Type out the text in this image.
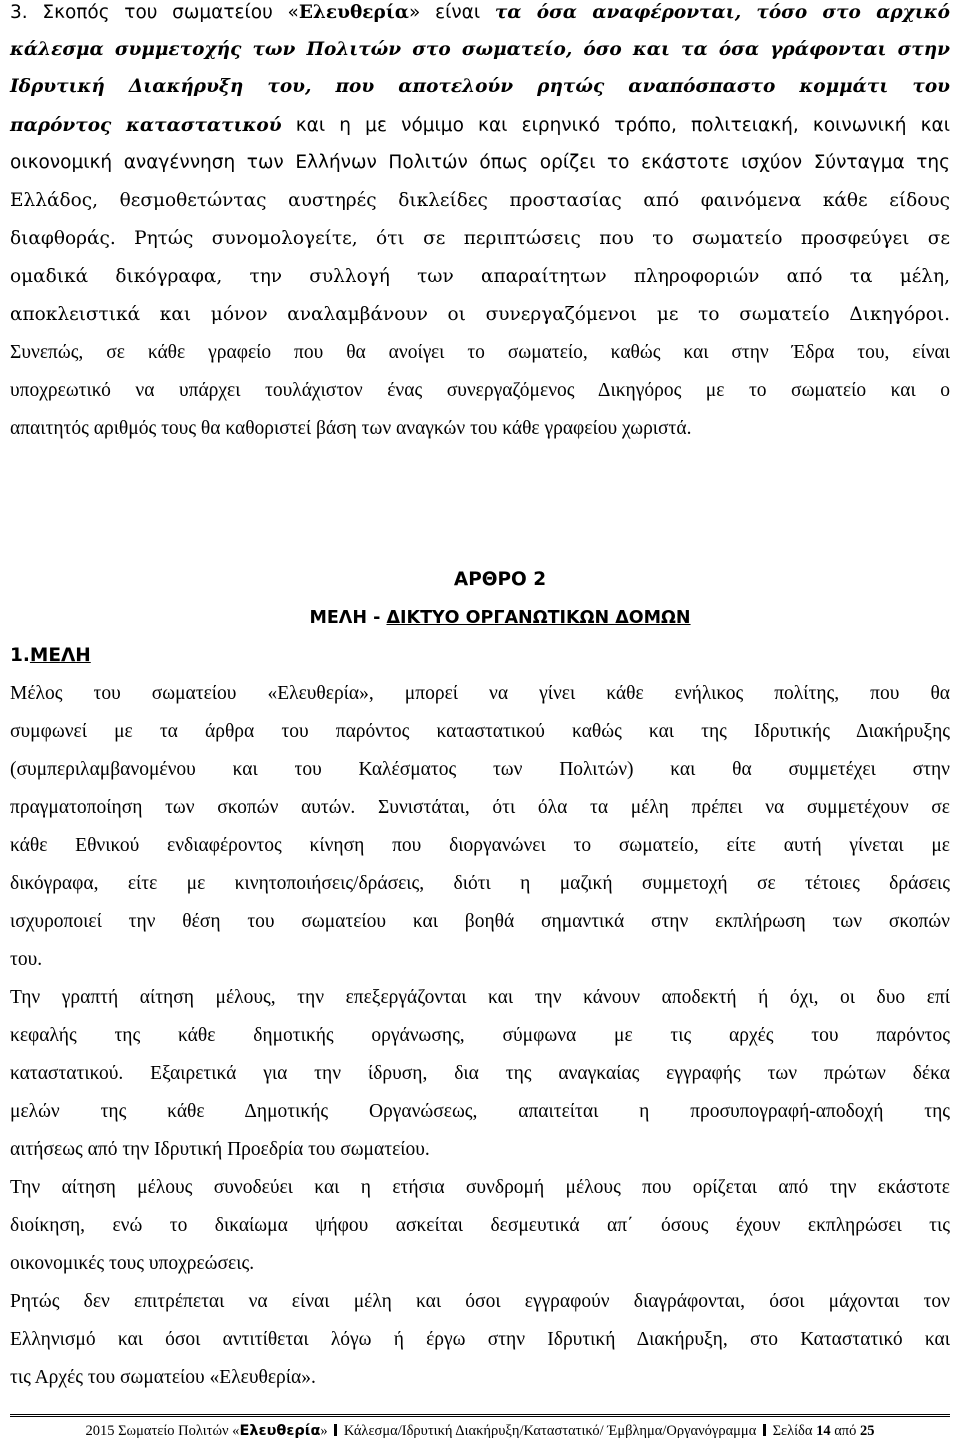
3. Σκοπός του σωματείου «Ελευθερία» είναι τα όσα αναφέρονται, τόσο στο αρχικό
κάλεσμα συμμετοχής των Πολιτών στο σωματείο, όσο και τα όσα γράφονται στην
Ιδρυτική Διακήρυξη του, που αποτελούν ρητώς αναπόσπαστο κομμάτι του
παρόντος καταστατικού και η με νόμιμο και ειρηνικό τρόπο, πολιτειακή, κοινωνική και
οικονομική αναγέννηση των Ελλήνων Πολιτών όπως ορίζει το εκάστοτε ισχύον Σύνταγμα της
Ελλάδος, θεσμοθετώντας αυστηρές δικλείδες προστασίας από φαινόμενα κάθε είδους
διαφθοράς. Ρητώς συνομολογείτε, ότι σε περιπτώσεις που το σωματείο προσφεύγει σε
ομαδικά δικόγραφα, την συλλογή των απαραίτητων πληροφοριών από τα μέλη,
αποκλειστικά και μόνον αναλαμβάνουν οι συνεργαζόμενοι με το σωματείο Δικηγόροι.
Συνεπώς, σε κάθε γραφείο που θα ανοίγει το σωματείο, καθώς και στην Έδρα του, είναι
υποχρεωτικό να υπάρχει τουλάχιστον ένας συνεργαζόμενος Δικηγόρος με το σωματείο και ο
απαιτητός αριθμός τους θα καθοριστεί βάση των αναγκών του κάθε γραφείου χωριστά.
ΑΡΘΡΟ 2
ΜΕΛΗ - ΔΙΚΤΥΟ ΟΡΓΑΝΩΤΙΚΩΝ ΔΟΜΩΝ
1.ΜΕΛΗ
Μέλος του σωματείου «Ελευθερία», μπορεί να γίνει κάθε ενήλικος πολίτης, που θα
συμφωνεί με τα άρθρα του παρόντος καταστατικού καθώς και της Ιδρυτικής Διακήρυξης
(συμπεριλαμβανομένου και του Καλέσματος των Πολιτών) και θα συμμετέχει στην
πραγματοποίηση των σκοπών αυτών. Συνιστάται, ότι όλα τα μέλη πρέπει να συμμετέχουν σε
κάθε Εθνικού ενδιαφέροντος κίνηση που διοργανώνει το σωματείο, είτε αυτή γίνεται με
δικόγραφα, είτε με κινητοποιήσεις/δράσεις, διότι η μαζική συμμετοχή σε τέτοιες δράσεις
ισχυροποιεί την θέση του σωματείου και βοηθά σημαντικά στην εκπλήρωση των σκοπών
του.
Την γραπτή αίτηση μέλους, την επεξεργάζονται και την κάνουν αποδεκτή ή όχι, οι δυο επί
κεφαλής της κάθε δημοτικής οργάνωσης, σύμφωνα με τις αρχές του παρόντος
καταστατικού. Εξαιρετικά για την ίδρυση, δια της αναγκαίας εγγραφής των πρώτων δέκα
μελών της κάθε Δημοτικής Οργανώσεως, απαιτείται η προσυπογραφή-αποδοχή της
αιτήσεως από την Ιδρυτική Προεδρία του σωματείου.
Την αίτηση μέλους συνοδεύει και η ετήσια συνδρομή μέλους που ορίζεται από την εκάστοτε
διοίκηση, ενώ το δικαίωμα ψήφου ασκείται δεσμευτικά απ΄ όσους έχουν εκπληρώσει τις
οικονομικές τους υποχρεώσεις.
Ρητώς δεν επιτρέπεται να είναι μέλη και όσοι εγγραφούν διαγράφονται, όσοι μάχονται τον
Ελληνισμό και όσοι αντιτίθεται λόγω ή έργω στην Ιδρυτική Διακήρυξη, στο Καταστατικό και
τις Αρχές του σωματείου «Ελευθερία».
2015 Σωματείο Πολιτών «Ελευθερία» Κάλεσμα/Ιδρυτική Διακήρυξη/Καταστατικό/ Έμβλημα/Οργανόγραμμα Σελίδα 14 από 25
